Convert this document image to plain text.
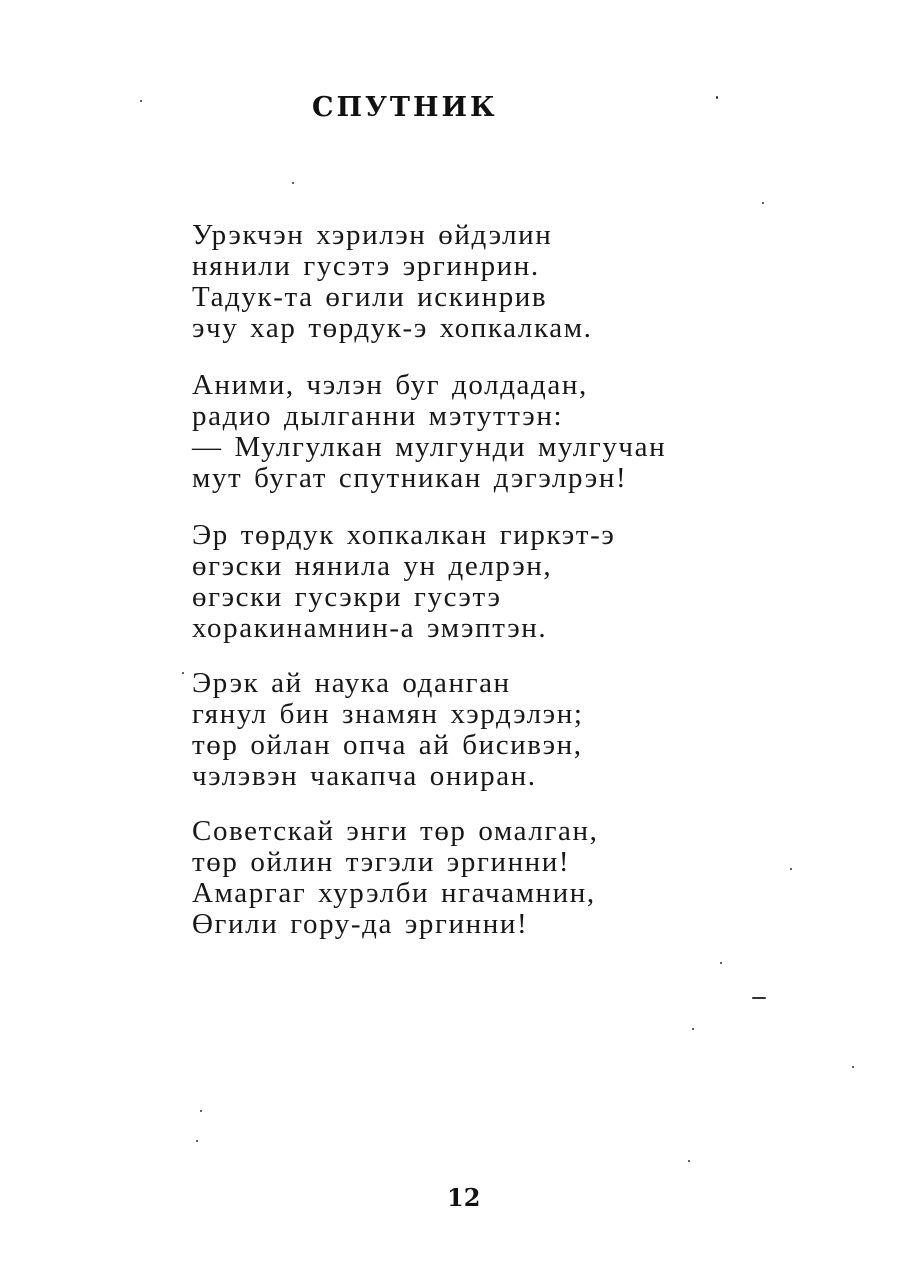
СПУТНИК
Урэкчэн хэрилэн өйдэлин
нянили гусэтэ эргинрин.
Тадук-та өгили искинрив
эчу хар төрдук-э хопкалкам.
Аними, чэлэн буг долдадан,
радио дылганни мэтуттэн:
— Мулгулкан мулгунди мулгучан
мут бугат спутникан дэгэлрэн!
Эр төрдук хопкалкан гиркэт-э
өгэски нянила ун делрэн,
өгэски гусэкри гусэтэ
хоракинамнин-а эмэптэн.
Эрэк ай наука оданган
гянул бин знамян хэрдэлэн;
төр ойлан опча ай бисивэн,
чэлэвэн чакапча ониран.
Советскай энги төр омалган,
төр ойлин тэгэли эргинни!
Амаргаг хурэлби нгачамнин,
Өгили гору-да эргинни!
12
